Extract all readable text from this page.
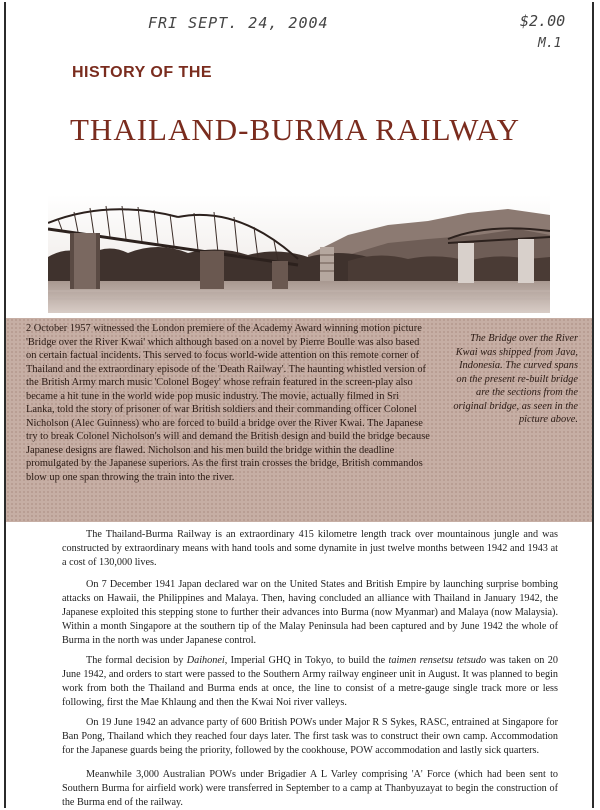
FRI SEPT. 24, 2004	$2.00
M.1
HISTORY OF THE
THAILAND-BURMA RAILWAY

2 October 1957 witnessed the London premiere of the Academy Award winning motion picture 'Bridge over the River Kwai' which although based on a novel by Pierre Boulle was also based on certain factual incidents. This served to focus world-wide attention on this remote corner of Thailand and the extraordinary episode of the 'Death Railway'. The haunting whistled version of the British Army march music 'Colonel Bogey' whose refrain featured in the screen-play also became a hit tune in the world wide pop music industry. The movie, actually filmed in Sri Lanka, told the story of prisoner of war British soldiers and their commanding officer Colonel Nicholson (Alec Guinness) who are forced to build a bridge over the River Kwai. The Japanese try to break Colonel Nicholson's will and demand the British design and build the bridge because Japanese designs are flawed. Nicholson and his men build the bridge within the deadline promulgated by the Japanese superiors. As the first train crosses the bridge, British commandos blow up one span throwing the train into the river.

The Bridge over the River Kwai was shipped from Java, Indonesia. The curved spans on the present re-built bridge are the sections from the original bridge, as seen in the picture above.

The Thailand-Burma Railway is an extraordinary 415 kilometre length track over mountainous jungle and was constructed by extraordinary means with hand tools and some dynamite in just twelve months between 1942 and 1943 at a cost of 130,000 lives.

On 7 December 1941 Japan declared war on the United States and British Empire by launching surprise bombing attacks on Hawaii, the Philippines and Malaya. Then, having concluded an alliance with Thailand in January 1942, the Japanese exploited this stepping stone to further their advances into Burma (now Myanmar) and Malaya (now Malaysia). Within a month Singapore at the southern tip of the Malay Peninsula had been captured and by June 1942 the whole of Burma in the north was under Japanese control.

The formal decision by Daihonei, Imperial GHQ in Tokyo, to build the taimen rensetsu tetsudo was taken on 20 June 1942, and orders to start were passed to the Southern Army railway engineer unit in August. It was planned to begin work from both the Thailand and Burma ends at once, the line to consist of a metre-gauge single track more or less following, first the Mae Khlaung and then the Kwai Noi river valleys.

On 19 June 1942 an advance party of 600 British POWs under Major R S Sykes, RASC, entrained at Singapore for Ban Pong, Thailand which they reached four days later. The first task was to construct their own camp. Accommodation for the Japanese guards being the priority, followed by the cookhouse, POW accommodation and lastly sick quarters.

Meanwhile 3,000 Australian POWs under Brigadier A L Varley comprising 'A' Force (which had been sent to Southern Burma for airfield work) were transferred in September to a camp at Thanbyuzayat to begin the construction of the Burma end of the railway.
